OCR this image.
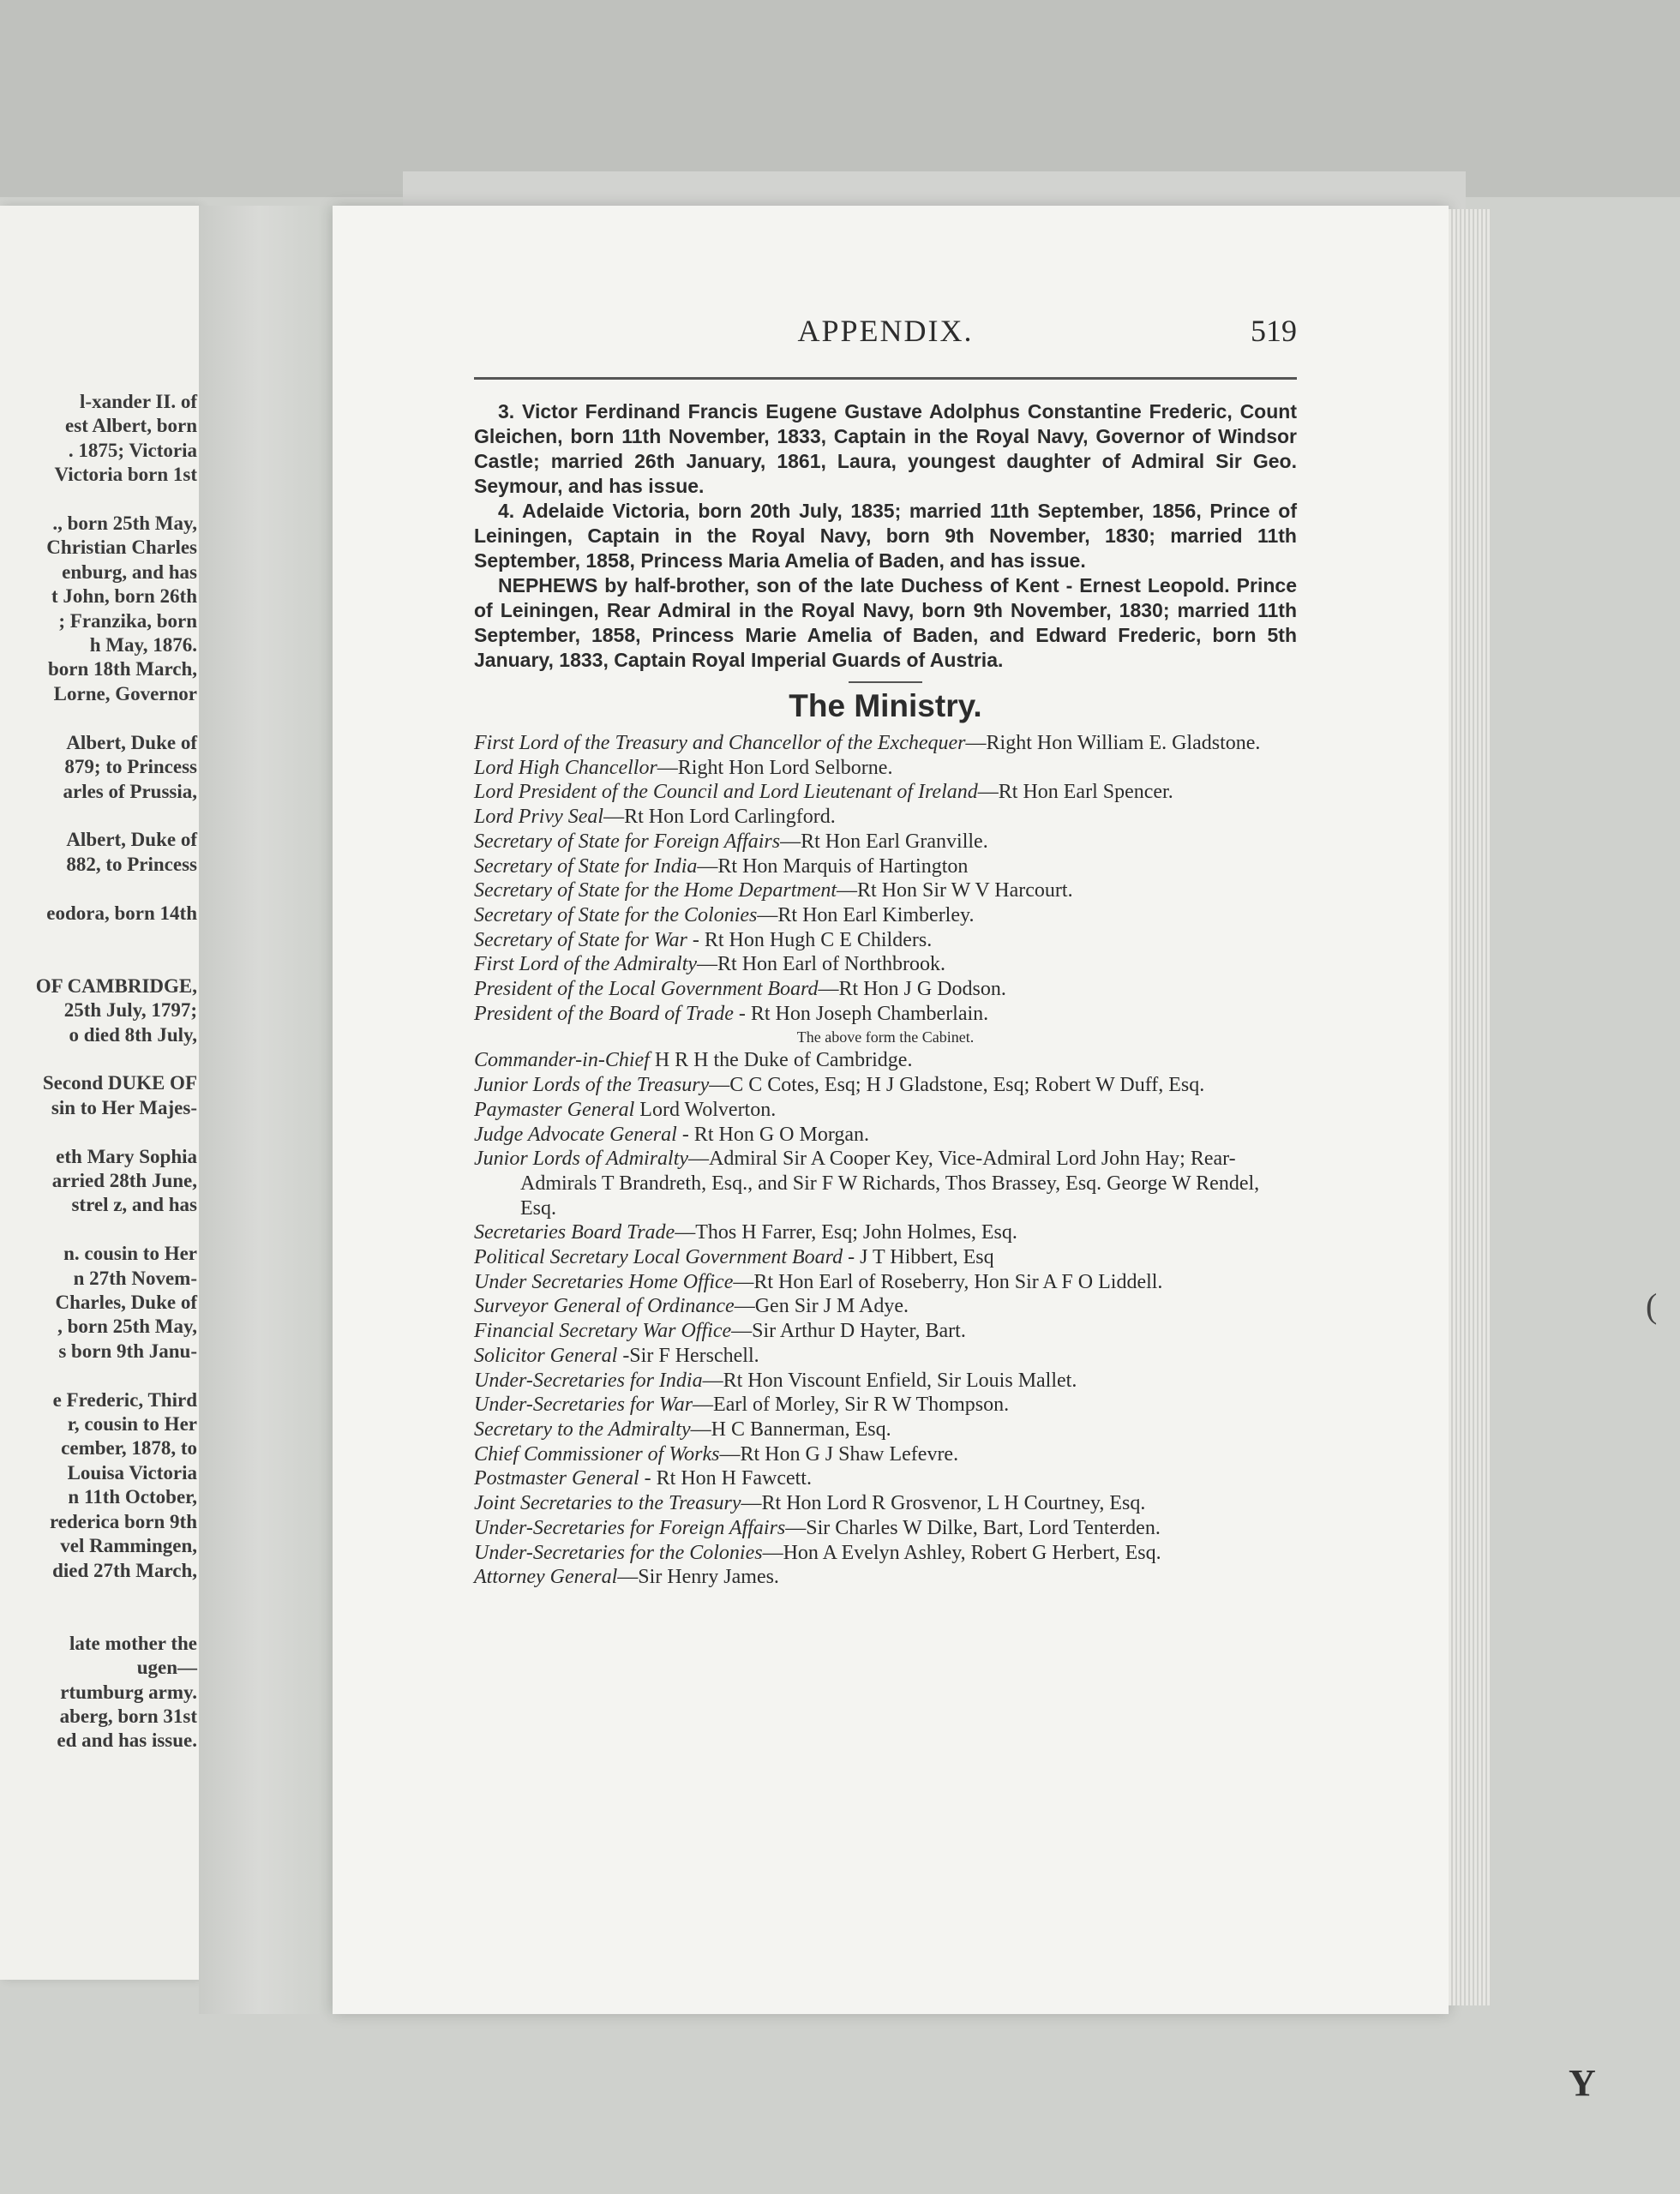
l-xander II. of
est Albert, born
. 1875; Victoria
Victoria born 1st

., born 25th May,
Christian Charles
enburg, and has
t John, born 26th
; Franzika, born
h May, 1876.
born 18th March,
Lorne, Governor

Albert, Duke of
879; to Princess
arles of Prussia,

Albert, Duke of
882, to Princess

eodora, born 14th

OF CAMBRIDGE,
25th July, 1797;
o died 8th July,

Second DUKE OF
sin to Her Majes-

eth Mary Sophia
arried 28th June,
strel z, and has

n. cousin to Her
n 27th Novem-
Charles, Duke of
, born 25th May,
s born 9th Janu-

e Frederic, Third
r, cousin to Her
cember, 1878, to
Louisa Victoria
n 11th October,
rederica born 9th
vel Rammingen,
died 27th March,

late mother the
ugen—
rtumburg army.
aberg, born 31st
ed and has issue.
APPENDIX.	519

3. Victor Ferdinand Francis Eugene Gustave Adolphus Constantine Frederic, Count Gleichen, born 11th November, 1833, Captain in the Royal Navy, Governor of Windsor Castle; married 26th January, 1861, Laura, youngest daughter of Admiral Sir Geo. Seymour, and has issue.

4. Adelaide Victoria, born 20th July, 1835; married 11th September, 1856, Prince of Leiningen, Captain in the Royal Navy, born 9th November, 1830; married 11th September, 1858, Princess Maria Amelia of Baden, and has issue.

NEPHEWS by half-brother, son of the late Duchess of Kent - Ernest Leopold. Prince of Leiningen, Rear Admiral in the Royal Navy, born 9th November, 1830; married 11th September, 1858, Princess Marie Amelia of Baden, and Edward Frederic, born 5th January, 1833, Captain Royal Imperial Guards of Austria.

The Ministry.

First Lord of the Treasury and Chancellor of the Exchequer—Right Hon William E. Gladstone.

Lord High Chancellor—Right Hon Lord Selborne.

Lord President of the Council and Lord Lieutenant of Ireland—Rt Hon Earl Spencer.

Lord Privy Seal—Rt Hon Lord Carlingford.

Secretary of State for Foreign Affairs—Rt Hon Earl Granville.

Secretary of State for India—Rt Hon Marquis of Hartington

Secretary of State for the Home Department—Rt Hon Sir W V Harcourt.

Secretary of State for the Colonies—Rt Hon Earl Kimberley.

Secretary of State for War - Rt Hon Hugh C E Childers.

First Lord of the Admiralty—Rt Hon Earl of Northbrook.

President of the Local Government Board—Rt Hon J G Dodson.

President of the Board of Trade - Rt Hon Joseph Chamberlain.

The above form the Cabinet.

Commander-in-Chief H R H the Duke of Cambridge.

Junior Lords of the Treasury—C C Cotes, Esq; H J Gladstone, Esq; Robert W Duff, Esq.

Paymaster General Lord Wolverton.

Judge Advocate General - Rt Hon G O Morgan.

Junior Lords of Admiralty—Admiral Sir A Cooper Key, Vice-Admiral Lord John Hay; Rear-Admirals T Brandreth, Esq., and Sir F W Richards, Thos Brassey, Esq. George W Rendel, Esq.

Secretaries Board Trade—Thos H Farrer, Esq; John Holmes, Esq.

Political Secretary Local Government Board - J T Hibbert, Esq

Under Secretaries Home Office—Rt Hon Earl of Roseberry, Hon Sir A F O Liddell.

Surveyor General of Ordinance—Gen Sir J M Adye.

Financial Secretary War Office—Sir Arthur D Hayter, Bart.

Solicitor General -Sir F Herschell.

Under-Secretaries for India—Rt Hon Viscount Enfield, Sir Louis Mallet.

Under-Secretaries for War—Earl of Morley, Sir R W Thompson.

Secretary to the Admiralty—H C Bannerman, Esq.

Chief Commissioner of Works—Rt Hon G J Shaw Lefevre.

Postmaster General - Rt Hon H Fawcett.

Joint Secretaries to the Treasury—Rt Hon Lord R Grosvenor, L H Courtney, Esq.

Under-Secretaries for Foreign Affairs—Sir Charles W Dilke, Bart, Lord Tenterden.

Under-Secretaries for the Colonies—Hon A Evelyn Ashley, Robert G Herbert, Esq.

Attorney General—Sir Henry James.

(
Y
